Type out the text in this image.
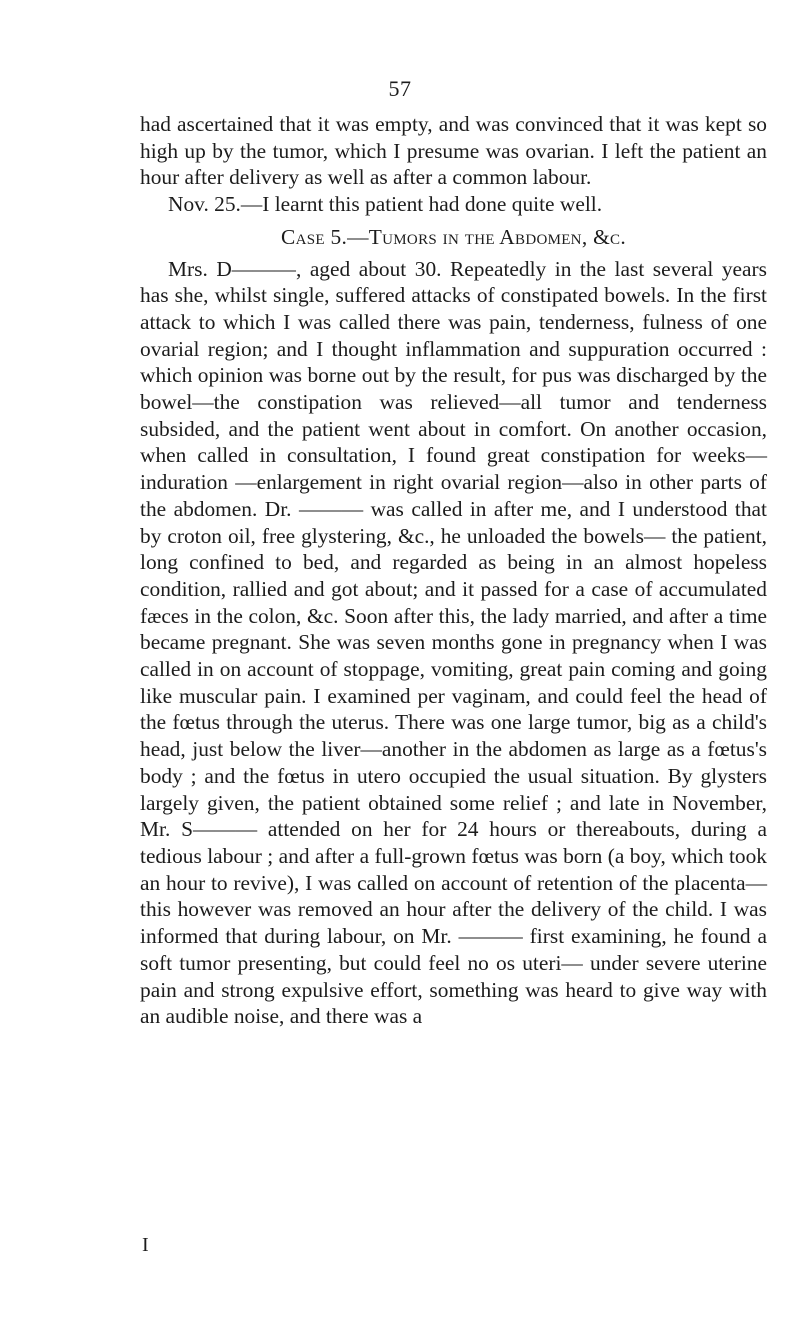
57

had ascertained that it was empty, and was convinced that it was kept so high up by the tumor, which I presume was ovarian. I left the patient an hour after delivery as well as after a common labour.

Nov. 25.—I learnt this patient had done quite well.

Case 5.—Tumors in the Abdomen, &c.

Mrs. D———, aged about 30. Repeatedly in the last several years has she, whilst single, suffered attacks of constipated bowels. In the first attack to which I was called there was pain, tenderness, fulness of one ovarial region; and I thought inflammation and suppuration occurred : which opinion was borne out by the result, for pus was discharged by the bowel—the constipation was relieved—all tumor and tenderness subsided, and the patient went about in comfort. On another occasion, when called in consultation, I found great constipation for weeks—induration —enlargement in right ovarial region—also in other parts of the abdomen. Dr. ——— was called in after me, and I understood that by croton oil, free glystering, &c., he unloaded the bowels— the patient, long confined to bed, and regarded as being in an almost hopeless condition, rallied and got about; and it passed for a case of accumulated fæces in the colon, &c. Soon after this, the lady married, and after a time became pregnant. She was seven months gone in pregnancy when I was called in on account of stoppage, vomiting, great pain coming and going like muscular pain. I examined per vaginam, and could feel the head of the fœtus through the uterus. There was one large tumor, big as a child's head, just below the liver—another in the abdomen as large as a fœtus's body ; and the fœtus in utero occupied the usual situation. By glysters largely given, the patient obtained some relief ; and late in November, Mr. S——— attended on her for 24 hours or thereabouts, during a tedious labour ; and after a full-grown fœtus was born (a boy, which took an hour to revive), I was called on account of retention of the placenta—this however was removed an hour after the delivery of the child. I was informed that during labour, on Mr. ——— first examining, he found a soft tumor presenting, but could feel no os uteri— under severe uterine pain and strong expulsive effort, something was heard to give way with an audible noise, and there was a

I
